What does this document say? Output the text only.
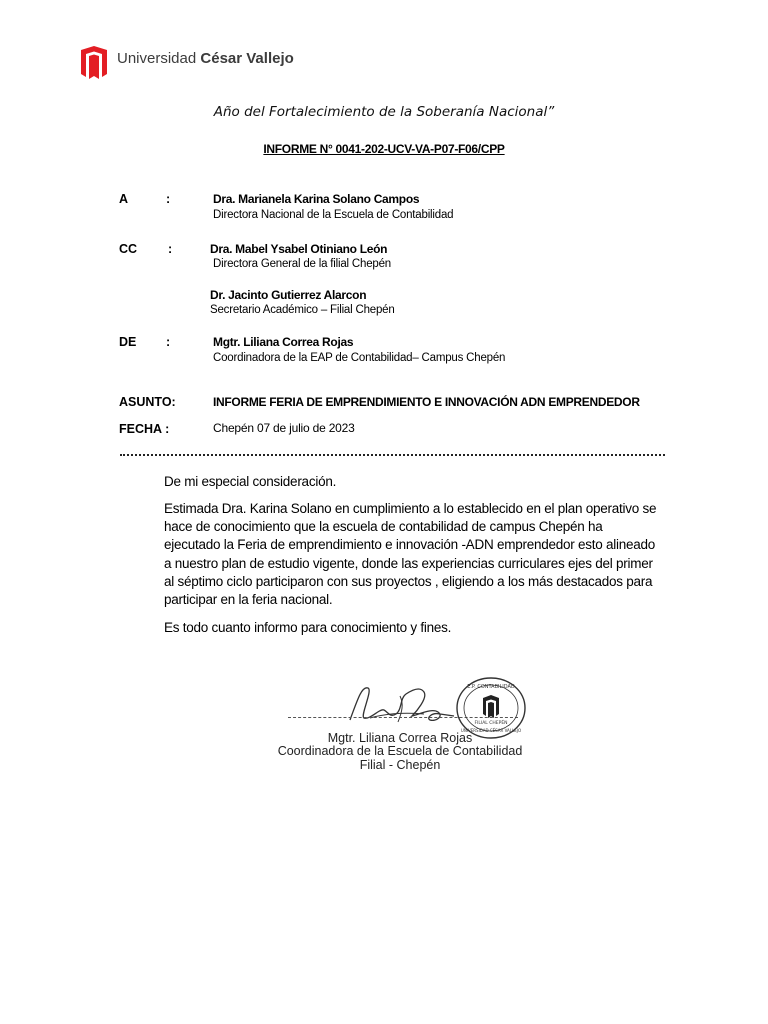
Universidad César Vallejo
Año del Fortalecimiento de la Soberanía Nacional”
INFORME N° 0041-202-UCV-VA-P07-F06/CPP
A	:	Dra. Marianela Karina Solano Campos
Directora Nacional de la Escuela de Contabilidad
CC :	Dra. Mabel Ysabel Otiniano León
Directora General de la filial Chepén
Dr. Jacinto Gutierrez Alarcon
Secretario Académico – Filial Chepén
DE :	Mgtr. Liliana Correa Rojas
Coordinadora de la EAP de Contabilidad– Campus Chepén
ASUNTO:	INFORME FERIA DE EMPRENDIMIENTO E INNOVACIÓN ADN EMPRENDEDOR
FECHA :	Chepén 07 de julio de 2023
De mi especial consideración.
Estimada Dra. Karina Solano en cumplimiento a lo establecido en el plan operativo se hace de conocimiento que la escuela de contabilidad de campus Chepén ha ejecutado la Feria de emprendimiento e innovación -ADN emprendedor esto alineado a nuestro plan de estudio vigente, donde las experiencias curriculares ejes del primer al séptimo ciclo participaron con sus proyectos , eligiendo a los más destacados para participar en la feria nacional.
Es todo cuanto informo para conocimiento y fines.
E.P. CONTABILIDAD
FILIAL CHEPÉN
UNIVERSIDAD CÉSAR VALLEJO
Mgtr. Liliana Correa Rojas
Coordinadora de la Escuela de Contabilidad
Filial - Chepén
